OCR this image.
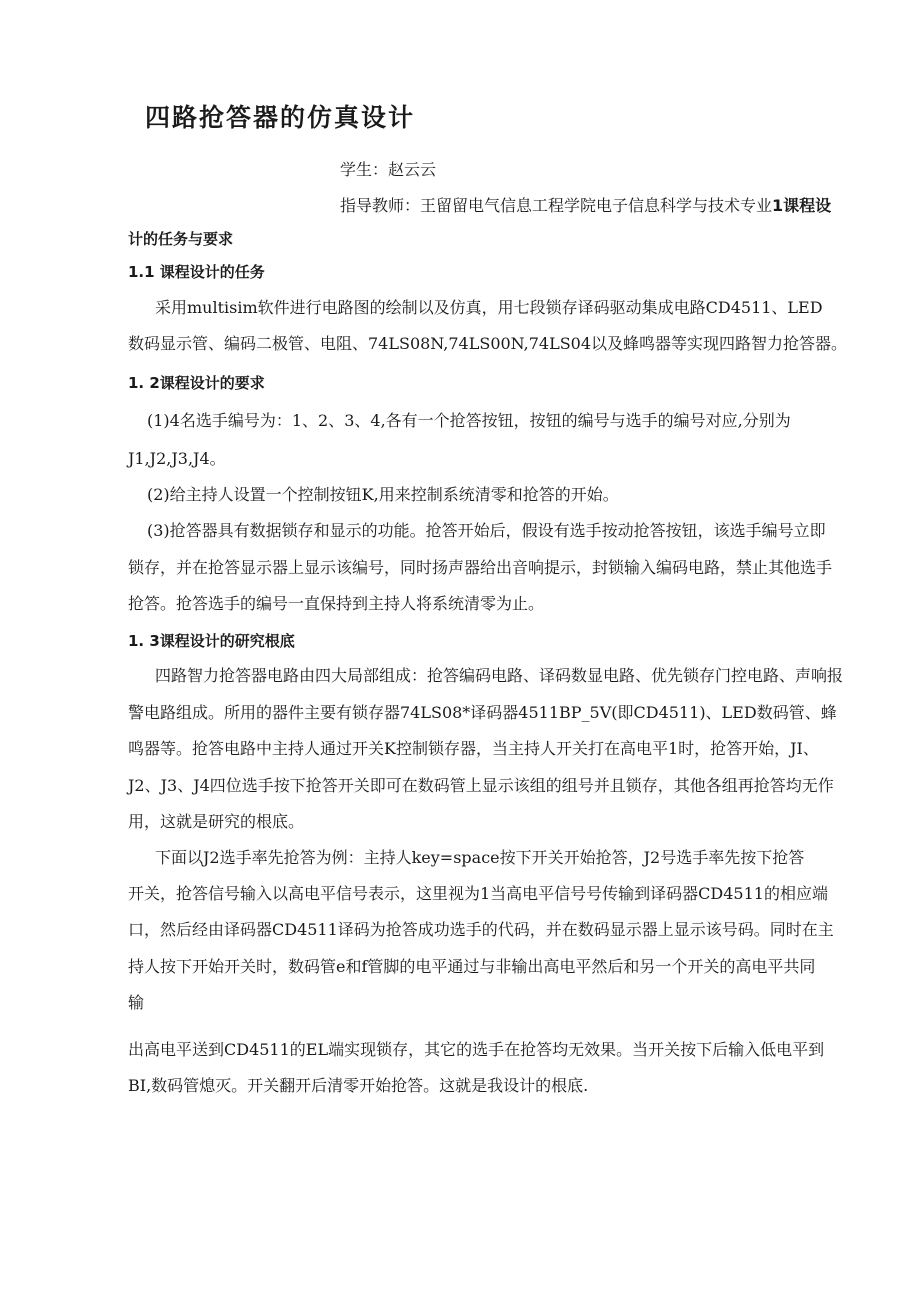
四路抢答器的仿真设计
学生：赵云云
指导教师：王留留电气信息工程学院电子信息科学与技术专业1课程设
计的任务与要求
1.1 课程设计的任务
采用multisim软件进行电路图的绘制以及仿真，用七段锁存译码驱动集成电路CD4511、LED
数码显示管、编码二极管、电阻、74LS08N,74LS00N,74LS04以及蜂鸣器等实现四路智力抢答器。
1. 2课程设计的要求
(1)4名选手编号为：1、2、3、4,各有一个抢答按钮，按钮的编号与选手的编号对应,分别为
J1,J2,J3,J4。
(2)给主持人设置一个控制按钮K,用来控制系统清零和抢答的开始。
(3)抢答器具有数据锁存和显示的功能。抢答开始后，假设有选手按动抢答按钮，该选手编号立即
锁存，并在抢答显示器上显示该编号，同时扬声器给出音响提示，封锁输入编码电路，禁止其他选手
抢答。抢答选手的编号一直保持到主持人将系统清零为止。
1. 3课程设计的研究根底
四路智力抢答器电路由四大局部组成：抢答编码电路、译码数显电路、优先锁存门控电路、声响报
警电路组成。所用的器件主要有锁存器74LS08*译码器4511BP_5V(即CD4511)、LED数码管、蜂
鸣器等。抢答电路中主持人通过开关K控制锁存器，当主持人开关打在高电平1时，抢答开始，JI、
J2、J3、J4四位选手按下抢答开关即可在数码管上显示该组的组号并且锁存，其他各组再抢答均无作
用，这就是研究的根底。
下面以J2选手率先抢答为例：主持人key=space按下开关开始抢答，J2号选手率先按下抢答
开关，抢答信号输入以高电平信号表示，这里视为1当高电平信号号传输到译码器CD4511的相应端
口，然后经由译码器CD4511译码为抢答成功选手的代码，并在数码显示器上显示该号码。同时在主
持人按下开始开关时，数码管e和f管脚的电平通过与非输出高电平然后和另一个开关的高电平共同
输
出高电平送到CD4511的EL端实现锁存，其它的选手在抢答均无效果。当开关按下后输入低电平到
BI,数码管熄灭。开关翻开后清零开始抢答。这就是我设计的根底.
